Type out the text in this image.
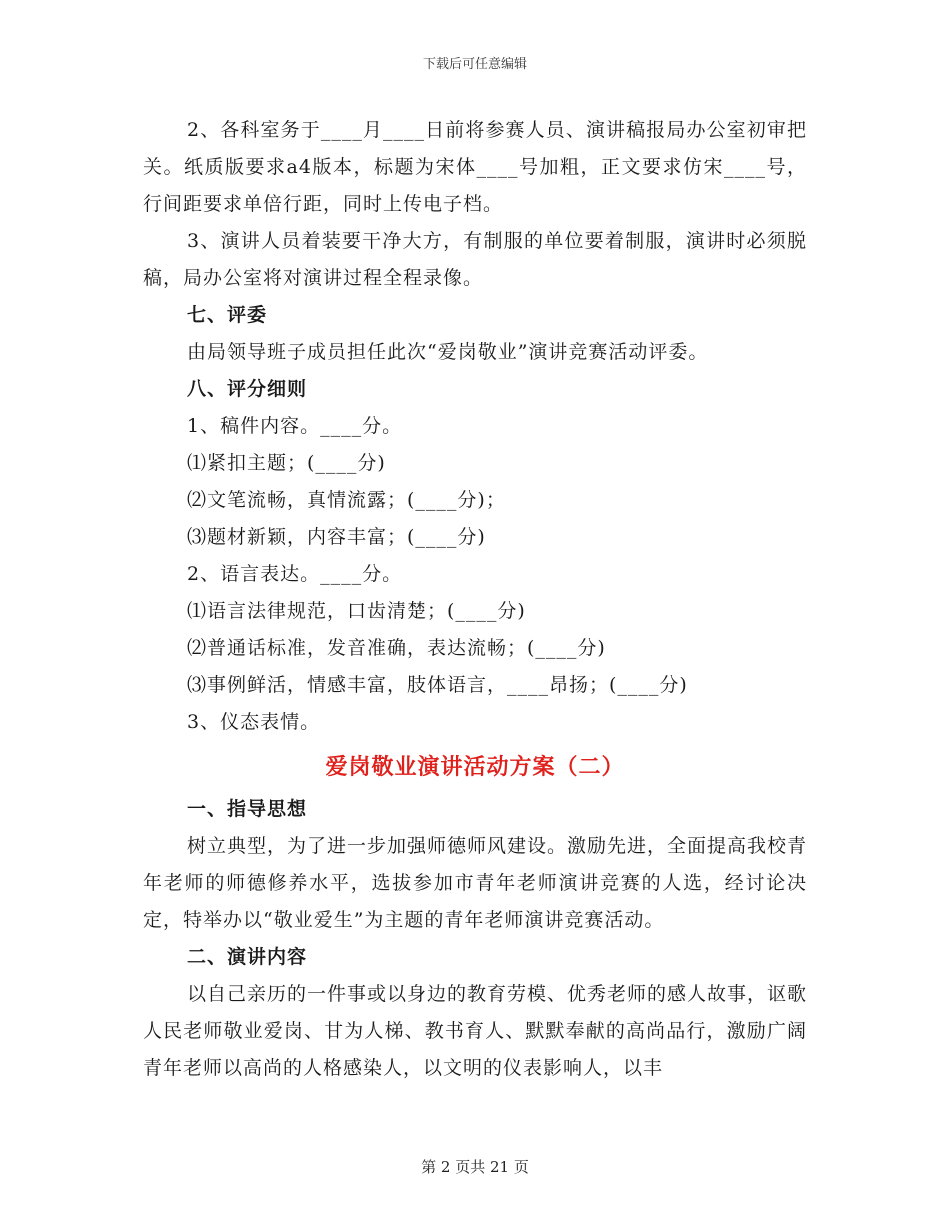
下载后可任意编辑

2、各科室务于____月____日前将参赛人员、演讲稿报局办公室初审把关。纸质版要求a4版本，标题为宋体____号加粗，正文要求仿宋____号，行间距要求单倍行距，同时上传电子档。

3、演讲人员着装要干净大方，有制服的单位要着制服，演讲时必须脱稿，局办公室将对演讲过程全程录像。

七、评委

由局领导班子成员担任此次“爱岗敬业”演讲竞赛活动评委。

八、评分细则

1、稿件内容。____分。

⑴紧扣主题；(____分)

⑵文笔流畅，真情流露；(____分)；

⑶题材新颖，内容丰富；(____分)

2、语言表达。____分。

⑴语言法律规范，口齿清楚；(____分)

⑵普通话标准，发音准确，表达流畅；(____分)

⑶事例鲜活，情感丰富，肢体语言，____昂扬；(____分)

3、仪态表情。

爱岗敬业演讲活动方案（二）

一、指导思想

树立典型，为了进一步加强师德师风建设。激励先进，全面提高我校青年老师的师德修养水平，选拔参加市青年老师演讲竞赛的人选，经讨论决定，特举办以“敬业爱生”为主题的青年老师演讲竞赛活动。

二、演讲内容

以自己亲历的一件事或以身边的教育劳模、优秀老师的感人故事，讴歌人民老师敬业爱岗、甘为人梯、教书育人、默默奉献的高尚品行，激励广阔青年老师以高尚的人格感染人，以文明的仪表影响人，以丰

第 2 页共 21 页
